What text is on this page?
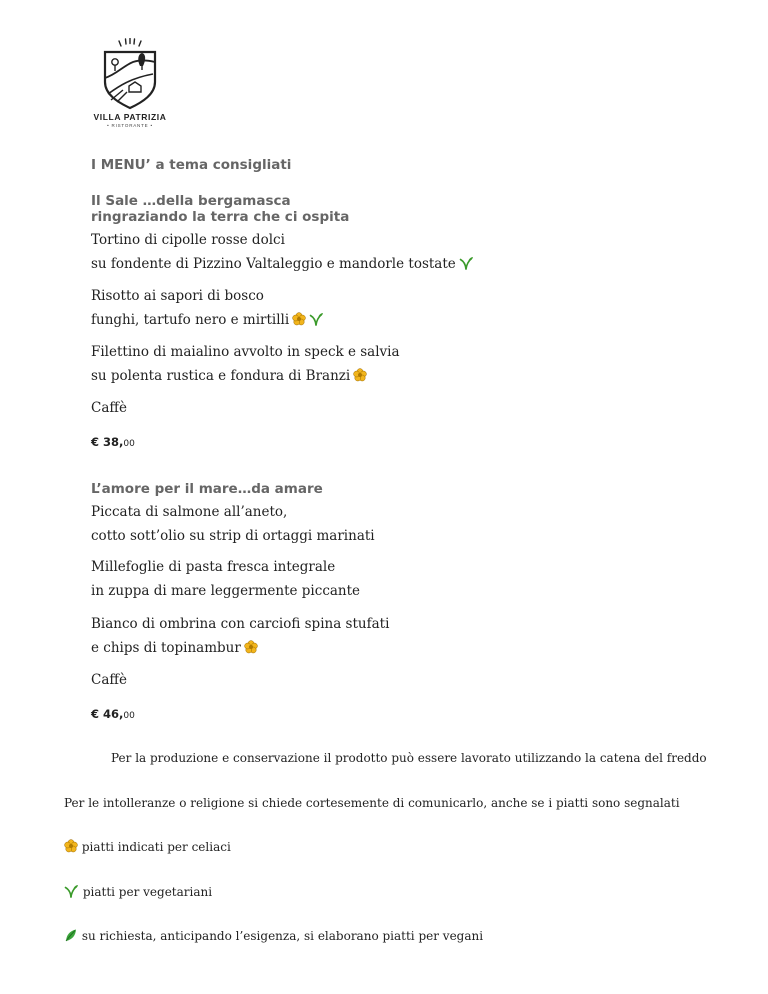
VILLA PATRIZIA
• RISTORANTE •
I MENU’ a tema consigliati
Il Sale …della bergamasca
ringraziando la terra che ci ospita
Tortino di cipolle rosse dolci
su fondente di Pizzino Valtaleggio e mandorle tostate
Risotto ai sapori di bosco
funghi, tartufo nero e mirtilli
Filettino di maialino avvolto in speck e salvia
su polenta rustica e fondura di Branzi
Caffè
€ 38,00
L’amore per il mare…da amare
Piccata di salmone all’aneto,
cotto sott’olio su strip di ortaggi marinati
Millefoglie di pasta fresca integrale
in zuppa di mare leggermente piccante
Bianco di ombrina con carciofi spina stufati
e chips di topinambur
Caffè
€ 46,00
Per la produzione e conservazione il prodotto può essere lavorato utilizzando la catena del freddo
Per le intolleranze o religione si chiede cortesemente di comunicarlo, anche se i piatti sono segnalati
piatti indicati per celiaci
piatti per vegetariani
su richiesta, anticipando l’esigenza, si elaborano piatti per vegani
